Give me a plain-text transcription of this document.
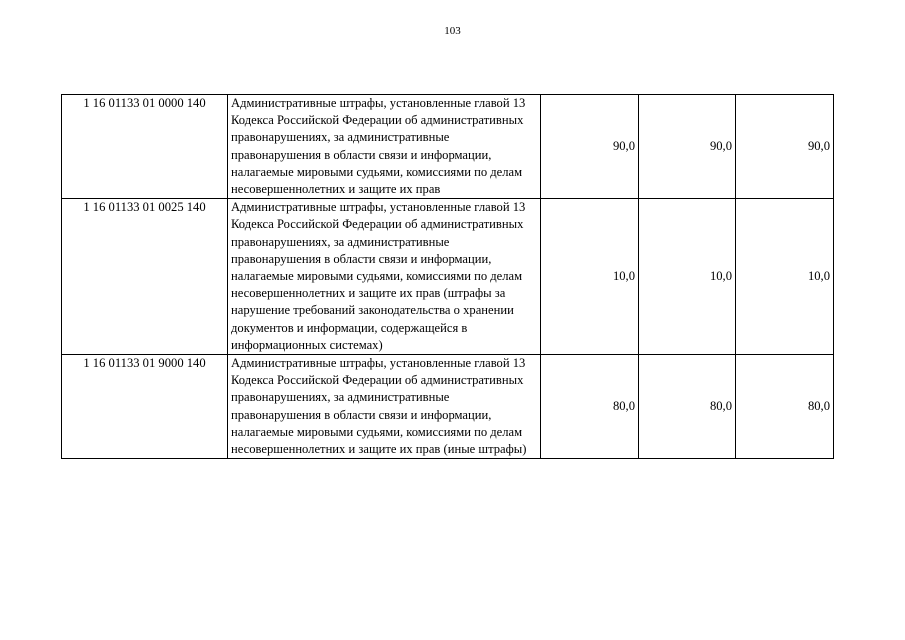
103
1 16 01133 01 0000 140	Административные штрафы, установленные главой 13 Кодекса Российской Федерации об административных правонарушениях, за административные правонарушения в области связи и информации, налагаемые мировыми судьями, комиссиями по делам несовершеннолетних и защите их прав	90,0	90,0	90,0
1 16 01133 01 0025 140	Административные штрафы, установленные главой 13 Кодекса Российской Федерации об административных правонарушениях, за административные правонарушения в области связи и информации, налагаемые мировыми судьями, комиссиями по делам несовершеннолетних и защите их прав (штрафы за нарушение требований законодательства о хранении документов и информации, содержащейся в информационных системах)	10,0	10,0	10,0
1 16 01133 01 9000 140	Административные штрафы, установленные главой 13 Кодекса Российской Федерации об административных правонарушениях, за административные правонарушения в области связи и информации, налагаемые мировыми судьями, комиссиями по делам несовершеннолетних и защите их прав (иные штрафы)	80,0	80,0	80,0
